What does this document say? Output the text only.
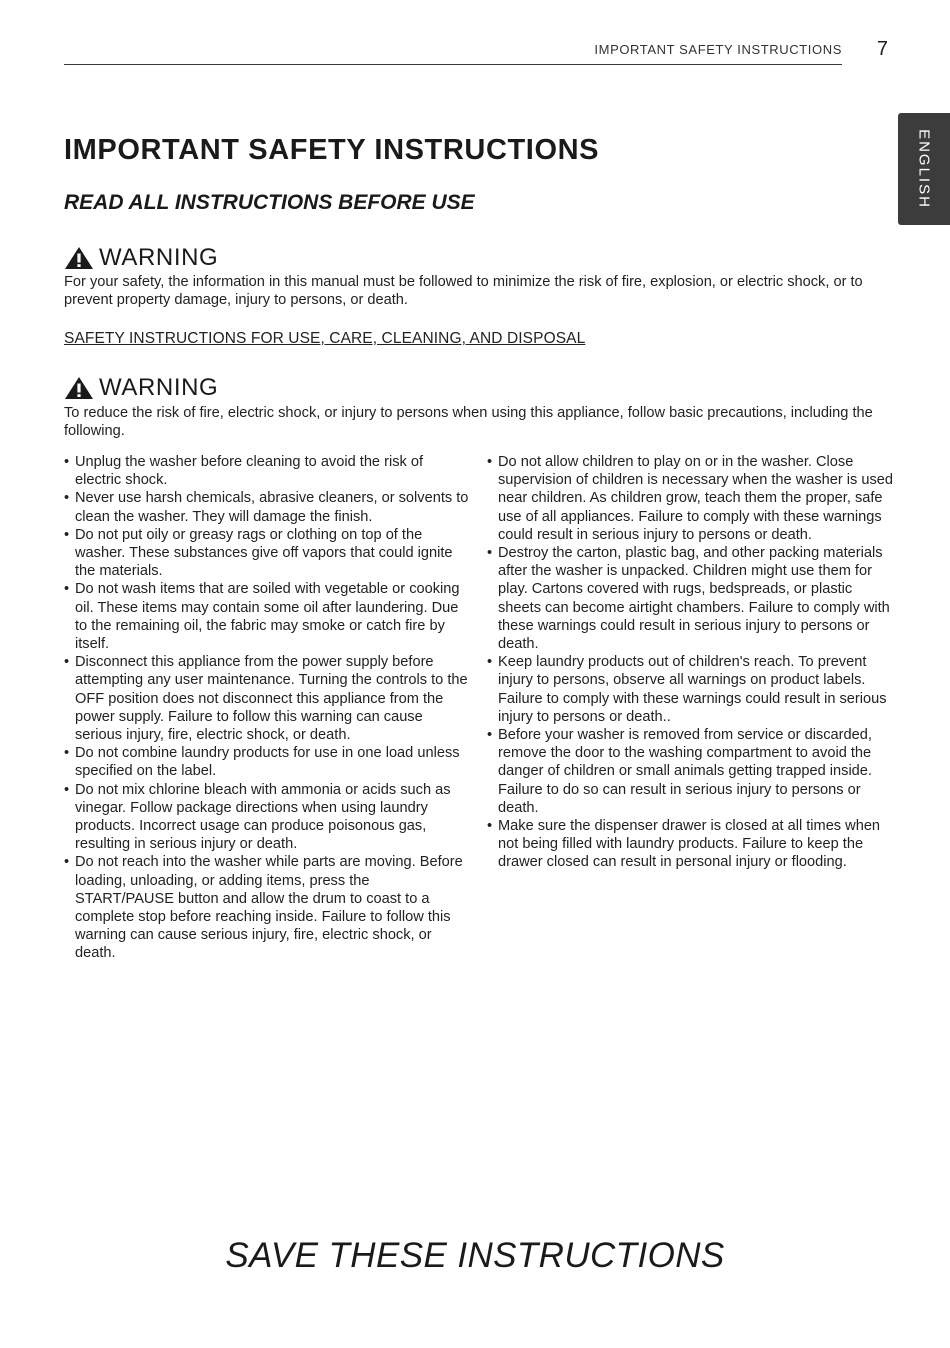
IMPORTANT SAFETY INSTRUCTIONS 7
ENGLISH
IMPORTANT SAFETY INSTRUCTIONS
READ ALL INSTRUCTIONS BEFORE USE
WARNING

For your safety, the information in this manual must be followed to minimize the risk of fire, explosion, or electric shock, or to prevent property damage, injury to persons, or death.

SAFETY INSTRUCTIONS FOR USE, CARE, CLEANING, AND DISPOSAL
WARNING

To reduce the risk of fire, electric shock, or injury to persons when using this appliance, follow basic precautions, including the following.

• Unplug the washer before cleaning to avoid the risk of electric shock.
• Never use harsh chemicals, abrasive cleaners, or solvents to clean the washer. They will damage the finish.
• Do not put oily or greasy rags or clothing on top of the washer. These substances give off vapors that could ignite the materials.
• Do not wash items that are soiled with vegetable or cooking oil. These items may contain some oil after laundering. Due to the remaining oil, the fabric may smoke or catch fire by itself.
• Disconnect this appliance from the power supply before attempting any user maintenance. Turning the controls to the OFF position does not disconnect this appliance from the power supply. Failure to follow this warning can cause serious injury, fire, electric shock, or death.
• Do not combine laundry products for use in one load unless specified on the label.
• Do not mix chlorine bleach with ammonia or acids such as vinegar. Follow package directions when using laundry products. Incorrect usage can produce poisonous gas, resulting in serious injury or death.
• Do not reach into the washer while parts are moving. Before loading, unloading, or adding items, press the START/PAUSE button and allow the drum to coast to a complete stop before reaching inside. Failure to follow this warning can cause serious injury, fire, electric shock, or death.
• Do not allow children to play on or in the washer. Close supervision of children is necessary when the washer is used near children. As children grow, teach them the proper, safe use of all appliances. Failure to comply with these warnings could result in serious injury to persons or death.
• Destroy the carton, plastic bag, and other packing materials after the washer is unpacked. Children might use them for play. Cartons covered with rugs, bedspreads, or plastic sheets can become airtight chambers. Failure to comply with these warnings could result in serious injury to persons or death.
• Keep laundry products out of children's reach. To prevent injury to persons, observe all warnings on product labels. Failure to comply with these warnings could result in serious injury to persons or death..
• Before your washer is removed from service or discarded, remove the door to the washing compartment to avoid the danger of children or small animals getting trapped inside. Failure to do so can result in serious injury to persons or death.
• Make sure the dispenser drawer is closed at all times when not being filled with laundry products. Failure to keep the drawer closed can result in personal injury or flooding.
SAVE THESE INSTRUCTIONS
